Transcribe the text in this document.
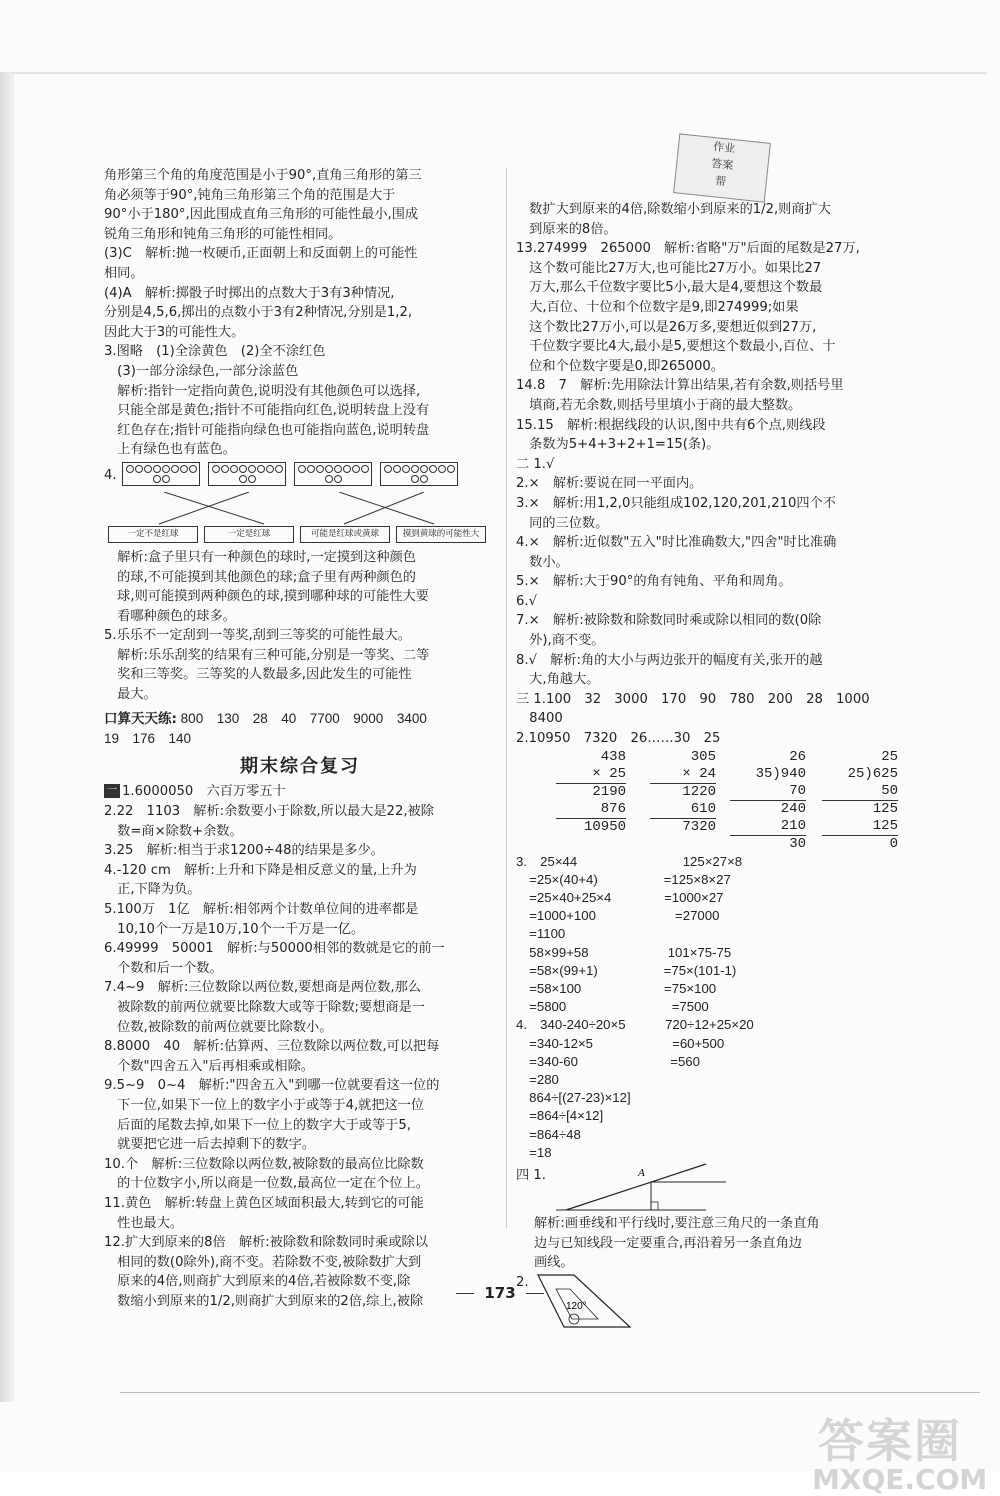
作业
答案
帮
角形第三个角的角度范围是小于90°,直角三角形的第三
角必须等于90°,钝角三角形第三个角的范围是大于
90°小于180°,因此围成直角三角形的可能性最小,围成
锐角三角形和钝角三角形的可能性相同。
(3)C　解析:抛一枚硬币,正面朝上和反面朝上的可能性
相同。
(4)A　解析:掷骰子时掷出的点数大于3有3种情况,
分别是4,5,6,掷出的点数小于3有2种情况,分别是1,2,
因此大于3的可能性大。
3.图略　(1)全涂黄色　(2)全不涂红色
　(3)一部分涂绿色,一部分涂蓝色
　解析:指针一定指向黄色,说明没有其他颜色可以选择,
　只能全部是黄色;指针不可能指向红色,说明转盘上没有
　红色存在;指针可能指向绿色也可能指向蓝色,说明转盘
　上有绿色也有蓝色。
4.
一定不是红球	一定是红球	可能是红球或黄球	摸到黄球的可能性大
　解析:盒子里只有一种颜色的球时,一定摸到这种颜色
　的球,不可能摸到其他颜色的球;盒子里有两种颜色的
　球,则可能摸到两种颜色的球,摸到哪种球的可能性大要
　看哪种颜色的球多。
5.乐乐不一定刮到一等奖,刮到三等奖的可能性最大。
　解析:乐乐刮奖的结果有三种可能,分别是一等奖、二等
　奖和三等奖。三等奖的人数最多,因此发生的可能性
　最大。
口算天天练: 800　130　28　40　7700　9000　3400
19　176　140
期末综合复习
一 1.6000050　六百万零五十
2.22　1103　解析:余数要小于除数,所以最大是22,被除
　数=商×除数+余数。
3.25　解析:相当于求1200÷48的结果是多少。
4.-120 cm　解析:上升和下降是相反意义的量,上升为
　正,下降为负。
5.100万　1亿　解析:相邻两个计数单位间的进率都是
　10,10个一万是10万,10个一千万是一亿。
6.49999　50001　解析:与50000相邻的数就是它的前一
　个数和后一个数。
7.4~9　解析:三位数除以两位数,要想商是两位数,那么
　被除数的前两位就要比除数大或等于除数;要想商是一
　位数,被除数的前两位就要比除数小。
8.8000　40　解析:估算两、三位数除以两位数,可以把每
　个数"四舍五入"后再相乘或相除。
9.5~9　0~4　解析:"四舍五入"到哪一位就要看这一位的
　下一位,如果下一位上的数字小于或等于4,就把这一位
　后面的尾数去掉,如果下一位上的数字大于或等于5,
　就要把它进一后去掉剩下的数字。
10.个　解析:三位数除以两位数,被除数的最高位比除数
　的十位数字小,所以商是一位数,最高位一定在个位上。
11.黄色　解析:转盘上黄色区域面积最大,转到它的可能
　性也最大。
12.扩大到原来的8倍　解析:被除数和除数同时乘或除以
　相同的数(0除外),商不变。若除数不变,被除数扩大到
　原来的4倍,则商扩大到原来的4倍,若被除数不变,除
　数缩小到原来的1/2,则商扩大到原来的2倍,综上,被除
　数扩大到原来的4倍,除数缩小到原来的1/2,则商扩大
　到原来的8倍。
13.274999　265000　解析:省略"万"后面的尾数是27万,
　这个数可能比27万大,也可能比27万小。如果比27
　万大,那么千位数字要比5小,最大是4,要想这个数最
　大,百位、十位和个位数字是9,即274999;如果
　这个数比27万小,可以是26万多,要想近似到27万,
　千位数字要比4大,最小是5,要想这个数最小,百位、十
　位和个位数字要是0,即265000。
14.8　7　解析:先用除法计算出结果,若有余数,则括号里
　填商,若无余数,则括号里填小于商的最大整数。
15.15　解析:根据线段的认识,图中共有6个点,则线段
　条数为5+4+3+2+1=15(条)。
二 1.√
2.×　解析:要说在同一平面内。
3.×　解析:用1,2,0只能组成102,120,201,210四个不
　同的三位数。
4.×　解析:近似数"五入"时比准确数大,"四舍"时比准确
　数小。
5.×　解析:大于90°的角有钝角、平角和周角。
6.√
7.×　解析:被除数和除数同时乘或除以相同的数(0除
　外),商不变。
8.√　解析:角的大小与两边张开的幅度有关,张开的越
　大,角越大。
三 1.100　32　3000　170　90　780　200　28　1000
　8400
2.10950　7320　26……30　25
438
× 25
2190
876
10950
305
× 24
1220
610
7320
26
35)940
70
240
210
30
25
25)625
50
125
125
0
3.　25×44　　　　　　　　125×27×8
　=25×(40+4)　　　　　=125×8×27
　=25×40+25×4　　　　=1000×27
　=1000+100　　　　　　=27000
　=1100
　58×99+58　　　　　　101×75-75
　=58×(99+1)　　　　　=75×(101-1)
　=58×100　　　　　　 =75×100
　=5800　　　　　　　　=7500
4.　340-240÷20×5　　　720÷12+25×20
　=340-12×5　　　　　　=60+500
　=340-60　　　　　　　=560
　=280
　864÷[(27-23)×12]
　=864÷[4×12]
　=864÷48
　=18
四 1.	A
解析:画垂线和平行线时,要注意三角尺的一条直角
边与已知线段一定要重合,再沿着另一条直角边
画线。
2.
120°
173
答案圈
MXQE.COM
